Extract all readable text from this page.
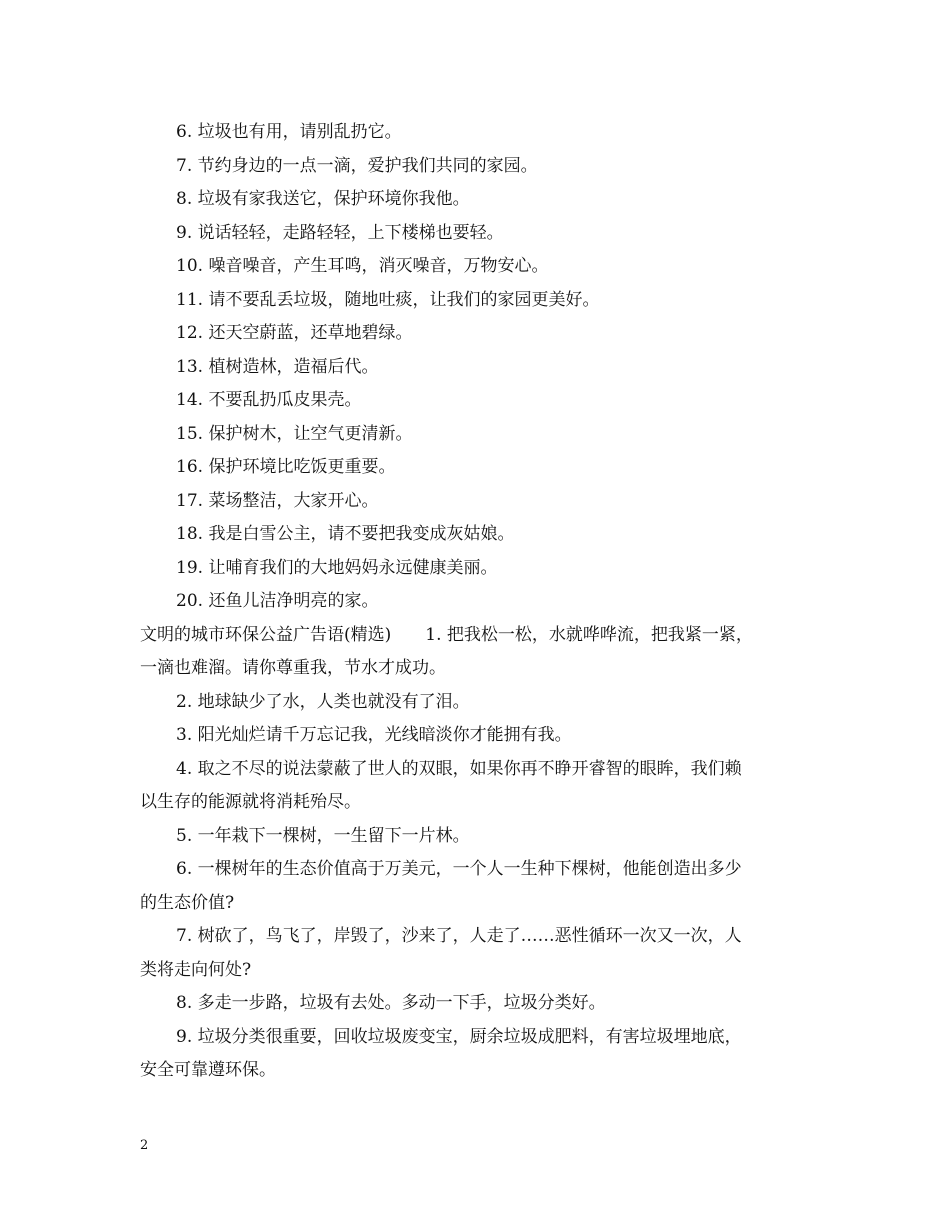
6. 垃圾也有用，请别乱扔它。
7. 节约身边的一点一滴，爱护我们共同的家园。
8. 垃圾有家我送它，保护环境你我他。
9. 说话轻轻，走路轻轻，上下楼梯也要轻。
10. 噪音噪音，产生耳鸣，消灭噪音，万物安心。
11. 请不要乱丢垃圾，随地吐痰，让我们的家园更美好。
12. 还天空蔚蓝，还草地碧绿。
13. 植树造林，造福后代。
14. 不要乱扔瓜皮果壳。
15. 保护树木，让空气更清新。
16. 保护环境比吃饭更重要。
17. 菜场整洁，大家开心。
18. 我是白雪公主，请不要把我变成灰姑娘。
19. 让哺育我们的大地妈妈永远健康美丽。
20. 还鱼儿洁净明亮的家。
文明的城市环保公益广告语(精选) 1. 把我松一松，水就哗哗流，把我紧一紧，
一滴也难溜。请你尊重我，节水才成功。
2. 地球缺少了水，人类也就没有了泪。
3. 阳光灿烂请千万忘记我，光线暗淡你才能拥有我。
4. 取之不尽的说法蒙蔽了世人的双眼，如果你再不睁开睿智的眼眸，我们赖
以生存的能源就将消耗殆尽。
5. 一年栽下一棵树，一生留下一片林。
6. 一棵树年的生态价值高于万美元，一个人一生种下棵树，他能创造出多少
的生态价值?
7. 树砍了，鸟飞了，岸毁了，沙来了，人走了……恶性循环一次又一次，人
类将走向何处?
8. 多走一步路，垃圾有去处。多动一下手，垃圾分类好。
9. 垃圾分类很重要，回收垃圾废变宝，厨余垃圾成肥料，有害垃圾埋地底，
安全可靠遵环保。
2
